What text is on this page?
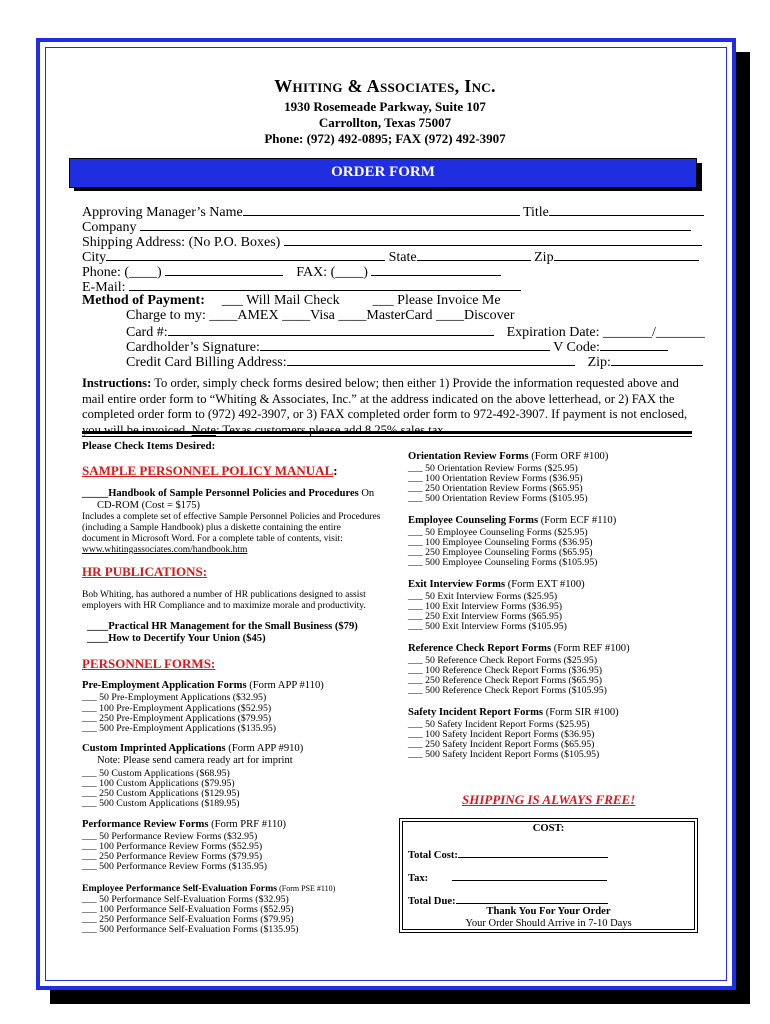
Whiting & Associates, Inc.
1930 Rosemeade Parkway, Suite 107
Carrollton, Texas 75007
Phone: (972) 492-0895; FAX (972) 492-3907
ORDER FORM
Approving Manager’s Name	Title
Company
Shipping Address: (No P.O. Boxes)
City	State	Zip
Phone: (____)	FAX: (____)
E-Mail:
Method of Payment: ___ Will Mail Check ___ Please Invoice Me
Charge to my: ____AMEX ____Visa ____MasterCard ____Discover
Card #:	Expiration Date: _______/_______
Cardholder’s Signature:	V Code:
Credit Card Billing Address:	Zip:
Instructions: To order, simply check forms desired below; then either 1) Provide the information requested above and mail entire order form to “Whiting & Associates, Inc.” at the address indicated on the above letterhead, or 2) FAX the completed order form to (972) 492-3907, or 3) FAX completed order form to 972-492-3907. If payment is not enclosed, you will be invoiced. Note: Texas customers please add 8.25% sales tax.
Please Check Items Desired:
SAMPLE PERSONNEL POLICY MANUAL:
_____Handbook of Sample Personnel Policies and Procedures On
CD-ROM (Cost = $175)
Includes a complete set of effective Sample Personnel Policies and Procedures
(including a Sample Handbook) plus a diskette containing the entire
document in Microsoft Word. For a complete table of contents, visit:
www.whitingassociates.com/handbook.htm
HR PUBLICATIONS:
Bob Whiting, has authored a number of HR publications designed to assist
employers with HR Compliance and to maximize morale and productivity.
____Practical HR Management for the Small Business ($79)
____How to Decertify Your Union ($45)
PERSONNEL FORMS:
Pre-Employment Application Forms (Form APP #110)
___ 50 Pre-Employment Applications ($32.95)
___ 100 Pre-Employment Applications ($52.95)
___ 250 Pre-Employment Applications ($79.95)
___ 500 Pre-Employment Applications ($135.95)
Custom Imprinted Applications (Form APP #910)
Note: Please send camera ready art for imprint
___ 50 Custom Applications ($68.95)
___ 100 Custom Applications ($79.95)
___ 250 Custom Applications ($129.95)
___ 500 Custom Applications ($189.95)
Performance Review Forms (Form PRF #110)
___ 50 Performance Review Forms ($32.95)
___ 100 Performance Review Forms ($52.95)
___ 250 Performance Review Forms ($79.95)
___ 500 Performance Review Forms ($135.95)
Employee Performance Self-Evaluation Forms (Form PSE #110)
___ 50 Performance Self-Evaluation Forms ($32.95)
___ 100 Performance Self-Evaluation Forms ($52.95)
___ 250 Performance Self-Evaluation Forms ($79.95)
___ 500 Performance Self-Evaluation Forms ($135.95)
Orientation Review Forms (Form ORF #100)
___ 50 Orientation Review Forms ($25.95)
___ 100 Orientation Review Forms ($36.95)
___ 250 Orientation Review Forms ($65.95)
___ 500 Orientation Review Forms ($105.95)
Employee Counseling Forms (Form ECF #110)
___ 50 Employee Counseling Forms ($25.95)
___ 100 Employee Counseling Forms ($36.95)
___ 250 Employee Counseling Forms ($65.95)
___ 500 Employee Counseling Forms ($105.95)
Exit Interview Forms (Form EXT #100)
___ 50 Exit Interview Forms ($25.95)
___ 100 Exit Interview Forms ($36.95)
___ 250 Exit Interview Forms ($65.95)
___ 500 Exit Interview Forms ($105.95)
Reference Check Report Forms (Form REF #100)
___ 50 Reference Check Report Forms ($25.95)
___ 100 Reference Check Report Forms ($36.95)
___ 250 Reference Check Report Forms ($65.95)
___ 500 Reference Check Report Forms ($105.95)
Safety Incident Report Forms (Form SIR #100)
___ 50 Safety Incident Report Forms ($25.95)
___ 100 Safety Incident Report Forms ($36.95)
___ 250 Safety Incident Report Forms ($65.95)
___ 500 Safety Incident Report Forms ($105.95)
SHIPPING IS ALWAYS FREE!
COST:
Total Cost:
Tax:
Total Due:
Thank You For Your Order
Your Order Should Arrive in 7-10 Days
